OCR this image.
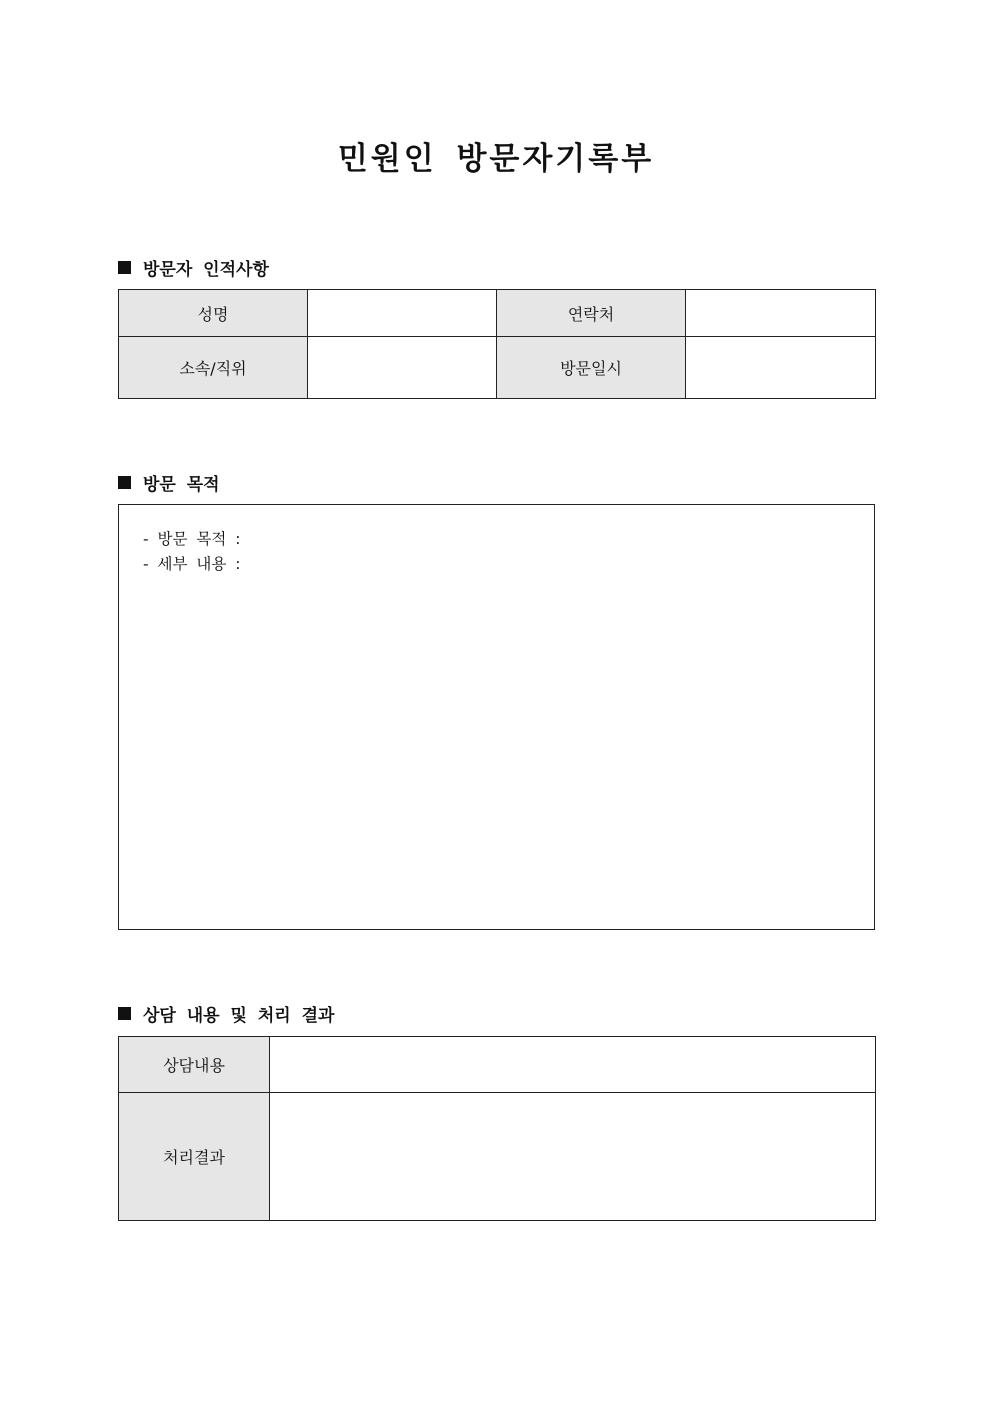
민원인 방문자기록부
방문자 인적사항
성명		연락처	
소속/직위		방문일시	
방문 목적
- 방문 목적 :
- 세부 내용 :
상담 내용 및 처리 결과
상담내용	
처리결과	
